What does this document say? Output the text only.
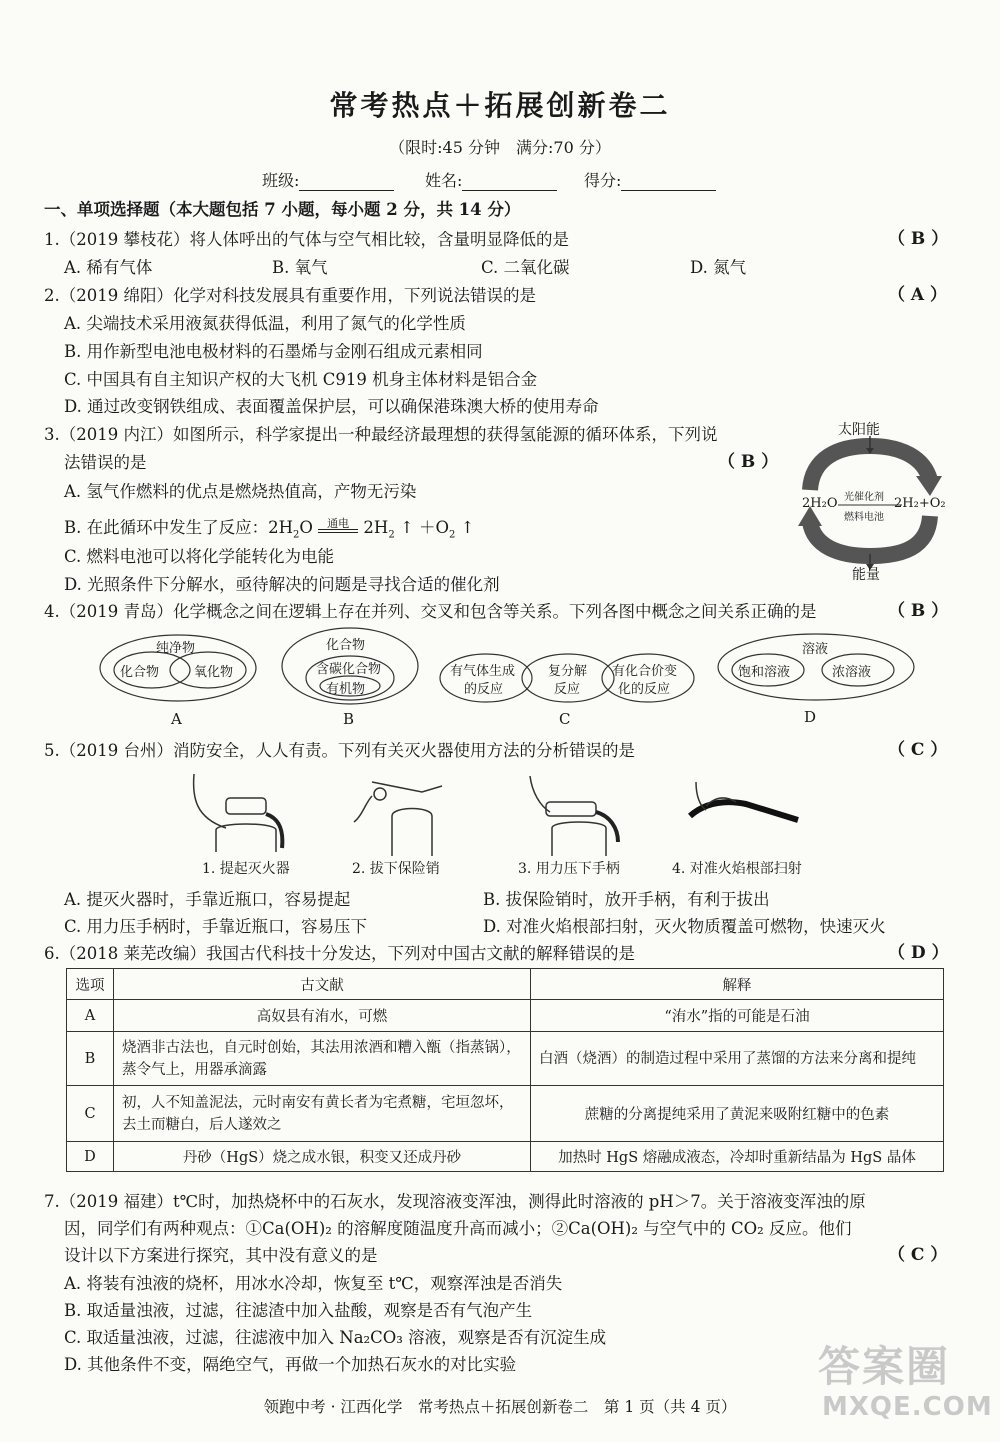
常考热点＋拓展创新卷二
（限时:45 分钟　满分:70 分）
班级:	姓名:	得分:
一、单项选择题（本大题包括 7 小题，每小题 2 分，共 14 分）
1.（2019 攀枝花）将人体呼出的气体与空气相比较，含量明显降低的是	（ B ）
A. 稀有气体	B. 氧气	C. 二氧化碳	D. 氮气
2.（2019 绵阳）化学对科技发展具有重要作用，下列说法错误的是	（ A ）
A. 尖端技术采用液氮获得低温，利用了氮气的化学性质
B. 用作新型电池电极材料的石墨烯与金刚石组成元素相同
C. 中国具有自主知识产权的大飞机 C919 机身主体材料是铝合金
D. 通过改变钢铁组成、表面覆盖保护层，可以确保港珠澳大桥的使用寿命
3.（2019 内江）如图所示，科学家提出一种最经济最理想的获得氢能源的循环体系，下列说
法错误的是	（ B ）
A. 氢气作燃料的优点是燃烧热值高，产物无污染
B. 在此循环中发生了反应：$2H_2O$ 通电 $2H_2$ ↑ $+O_2$ ↑
C. 燃料电池可以将化学能转化为电能
D. 光照条件下分解水，亟待解决的问题是寻找合适的催化剂
太阳能
能量
2H₂O	2H₂+O₂
光催化剂
燃料电池
4.（2019 青岛）化学概念之间在逻辑上存在并列、交叉和包含等关系。下列各图中概念之间关系正确的是	（ B ）
纯净物
化合物	氧化物
A
化合物
含碳化合物
有机物
B
有气体生成
的反应
复分解
反应
有化合价变
化的反应
C
溶液
饱和溶液	浓溶液
D
5.（2019 台州）消防安全，人人有责。下列有关灭火器使用方法的分析错误的是	（ C ）
1. 提起灭火器	2. 拔下保险销	3. 用力压下手柄	4. 对准火焰根部扫射
A. 提灭火器时，手靠近瓶口，容易提起	B. 拔保险销时，放开手柄，有利于拔出
C. 用力压手柄时，手靠近瓶口，容易压下	D. 对准火焰根部扫射，灭火物质覆盖可燃物，快速灭火
6.（2018 莱芜改编）我国古代科技十分发达，下列对中国古文献的解释错误的是	（ D ）
选项	古文献	解释
A	高奴县有洧水，可燃	“洧水”指的可能是石油
B	烧酒非古法也，自元时创始，其法用浓酒和糟入甑（指蒸锅），蒸令气上，用器承滴露	白酒（烧酒）的制造过程中采用了蒸馏的方法来分离和提纯
C	初，人不知盖泥法，元时南安有黄长者为宅煮糖，宅垣忽坏，去土而糖白，后人遂效之	蔗糖的分离提纯采用了黄泥来吸附红糖中的色素
D	丹砂（HgS）烧之成水银，积变又还成丹砂	加热时 HgS 熔融成液态，冷却时重新结晶为 HgS 晶体
7.（2019 福建）t℃时，加热烧杯中的石灰水，发现溶液变浑浊，测得此时溶液的 pH＞7。关于溶液变浑浊的原
因，同学们有两种观点：①Ca(OH)₂ 的溶解度随温度升高而减小；②Ca(OH)₂ 与空气中的 CO₂ 反应。他们
设计以下方案进行探究，其中没有意义的是	（ C ）
A. 将装有浊液的烧杯，用冰水冷却，恢复至 t℃，观察浑浊是否消失
B. 取适量浊液，过滤，往滤渣中加入盐酸，观察是否有气泡产生
C. 取适量浊液，过滤，往滤液中加入 Na₂CO₃ 溶液，观察是否有沉淀生成
D. 其他条件不变，隔绝空气，再做一个加热石灰水的对比实验
领跑中考 · 江西化学　常考热点＋拓展创新卷二　第 1 页（共 4 页）
答案圈
MXQE.COM
